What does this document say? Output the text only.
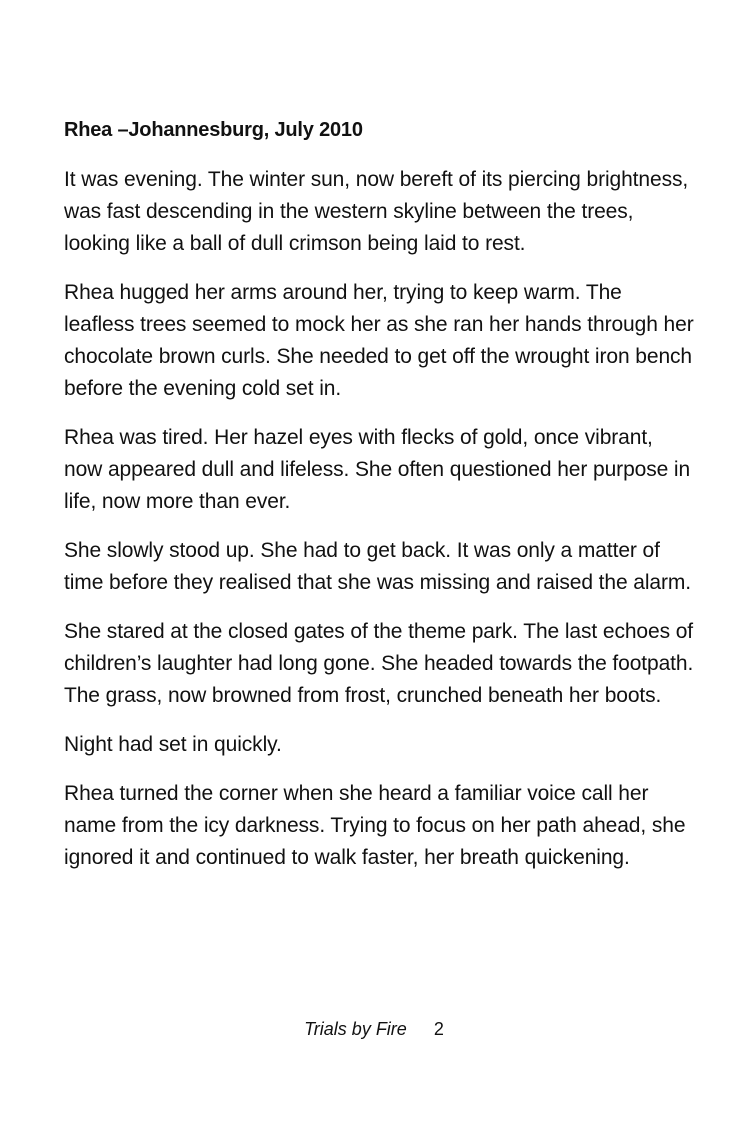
Rhea –Johannesburg, July 2010

It was evening. The winter sun, now bereft of its piercing brightness, was fast descending in the western skyline between the trees, looking like a ball of dull crimson being laid to rest.

Rhea hugged her arms around her, trying to keep warm. The leafless trees seemed to mock her as she ran her hands through her chocolate brown curls. She needed to get off the wrought iron bench before the evening cold set in.

Rhea was tired. Her hazel eyes with flecks of gold, once vibrant, now appeared dull and lifeless. She often questioned her purpose in life, now more than ever.

She slowly stood up. She had to get back. It was only a matter of time before they realised that she was missing and raised the alarm.

She stared at the closed gates of the theme park. The last echoes of children’s laughter had long gone. She headed towards the footpath. The grass, now browned from frost, crunched beneath her boots.

Night had set in quickly.

Rhea turned the corner when she heard a familiar voice call her name from the icy darkness. Trying to focus on her path ahead, she ignored it and continued to walk faster, her breath quickening.

Trials by Fire 2
